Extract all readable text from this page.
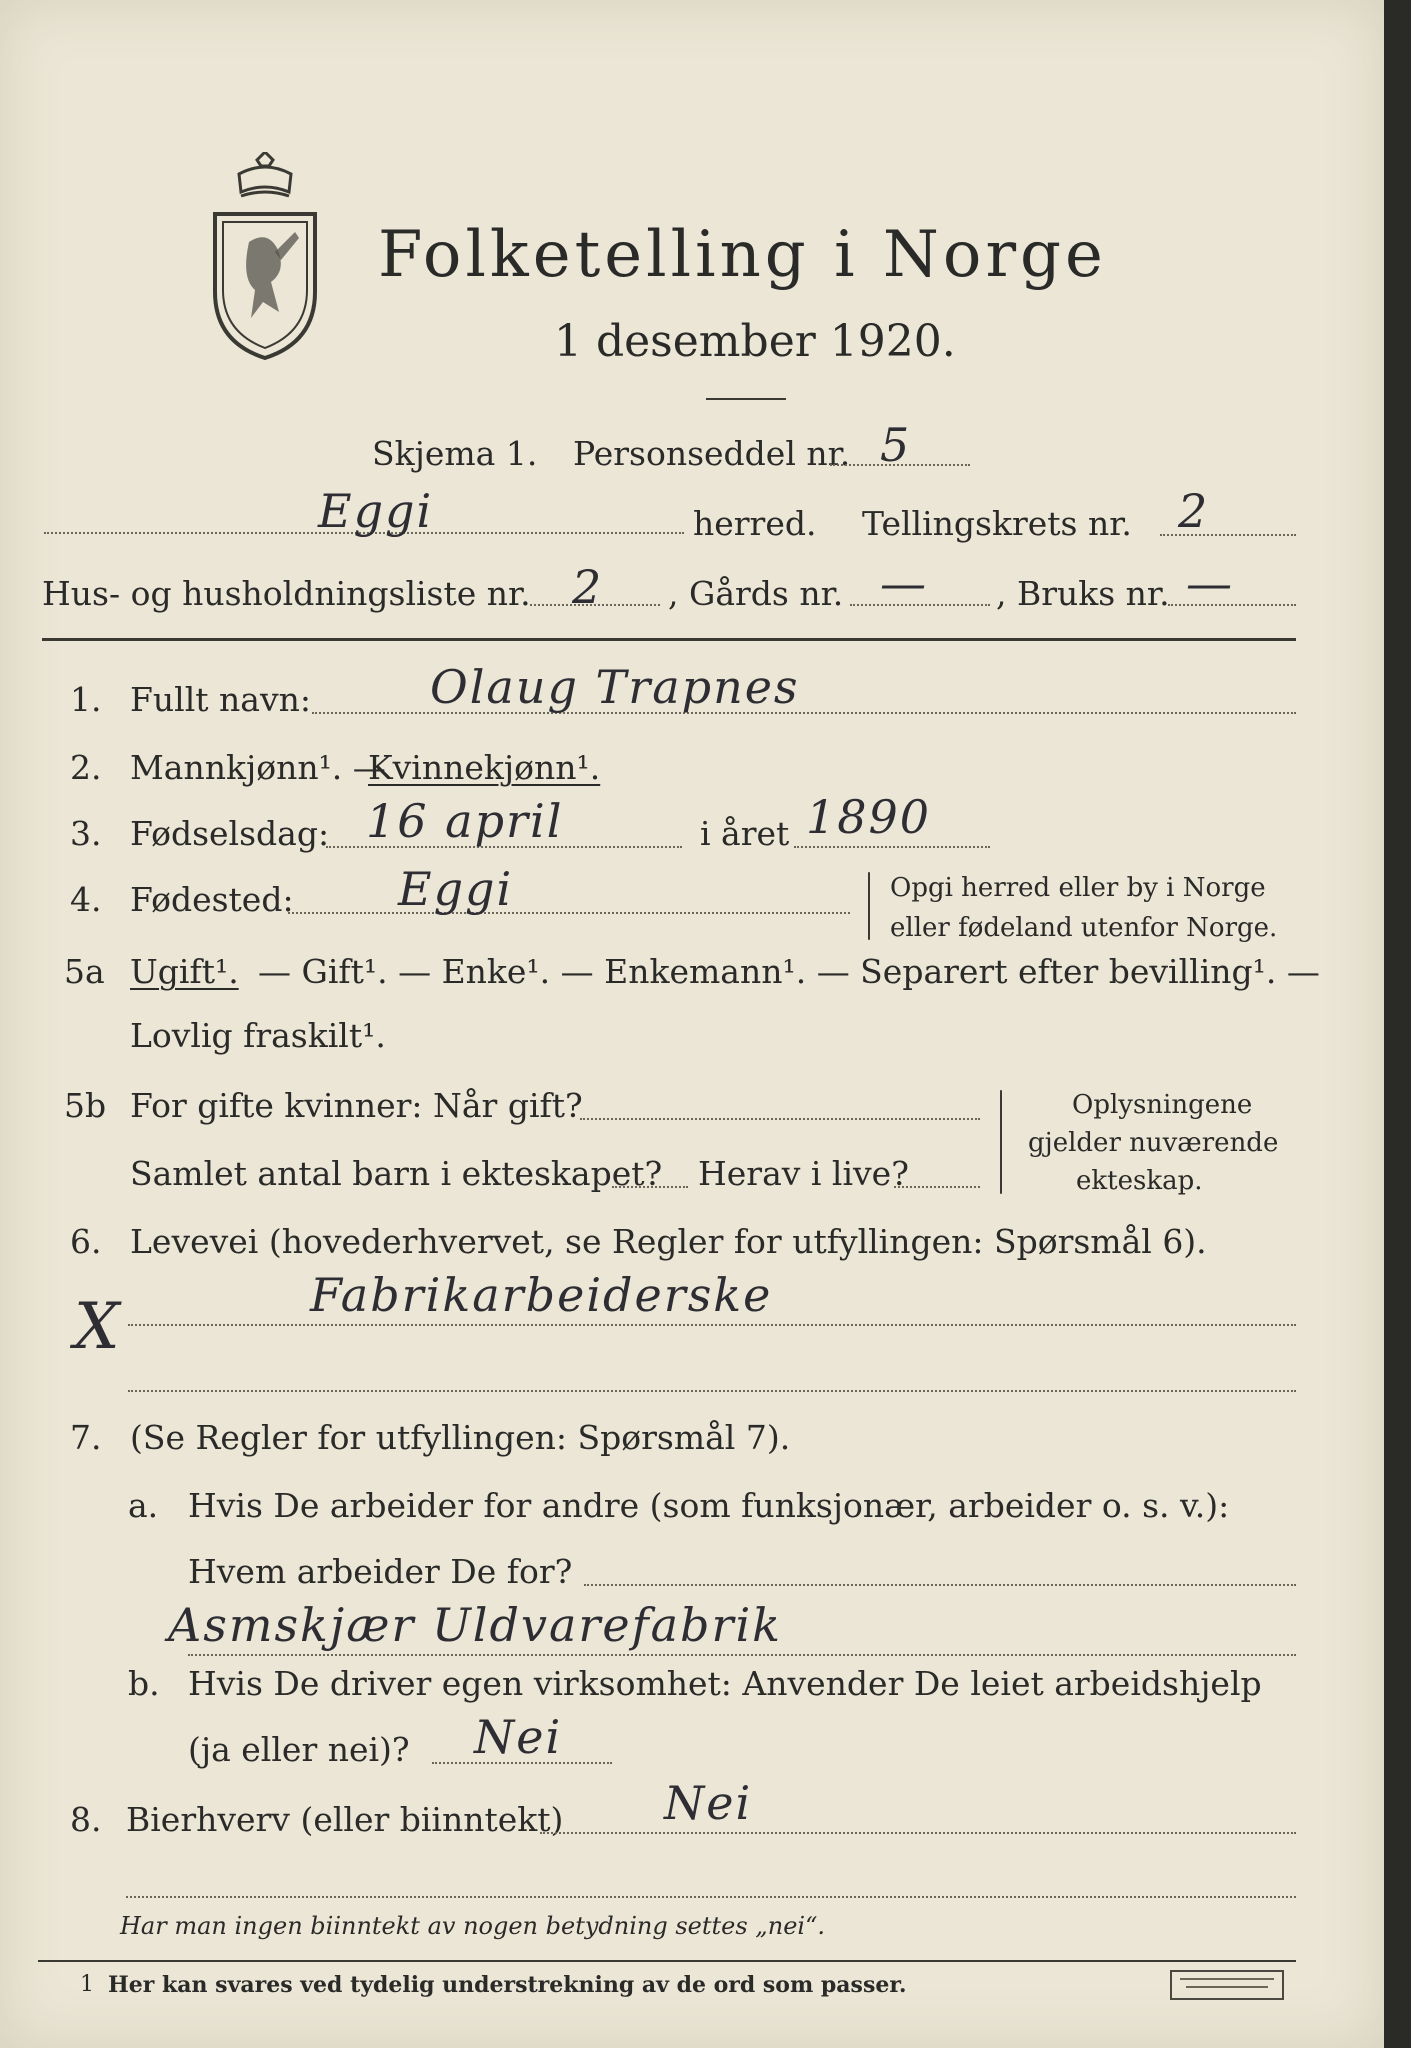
Folketelling i Norge
1 desember 1920.
Skjema 1. Personseddel nr. 5
Eggi	herred. Tellingskrets nr. 2
Hus- og husholdningsliste nr. 2 , Gårds nr. — , Bruks nr. —
1. Fullt navn:	Olaug Trapnes
2. Mannkjønn¹. —
Kvinnekjønn¹.
3. Fødselsdag: 16 april	i året 1890
4. Fødested: Eggi	Opgi herred eller by i Norge
eller fødeland utenfor Norge.
5a Ugift¹. — Gift¹. — Enke¹. — Enkemann¹. — Separert efter bevilling¹. —
Lovlig fraskilt¹.
5b For gifte kvinner: Når gift?
Samlet antal barn i ekteskapet? Herav i live?
Oplysningene
gjelder nuværende
ekteskap.
6. Levevei (hovederhvervet, se Regler for utfyllingen: Spørsmål 6).
X	Fabrikarbeiderske
7. (Se Regler for utfyllingen: Spørsmål 7).
a. Hvis De arbeider for andre (som funksjonær, arbeider o. s. v.):
Hvem arbeider De for?
Asmskjær Uldvarefabrik
b. Hvis De driver egen virksomhet: Anvender De leiet arbeidshjelp
(ja eller nei)? Nei
8. Bierhverv (eller biinntekt) Nei
Har man ingen biinntekt av nogen betydning settes „nei“.
1 Her kan svares ved tydelig understrekning av de ord som passer.
